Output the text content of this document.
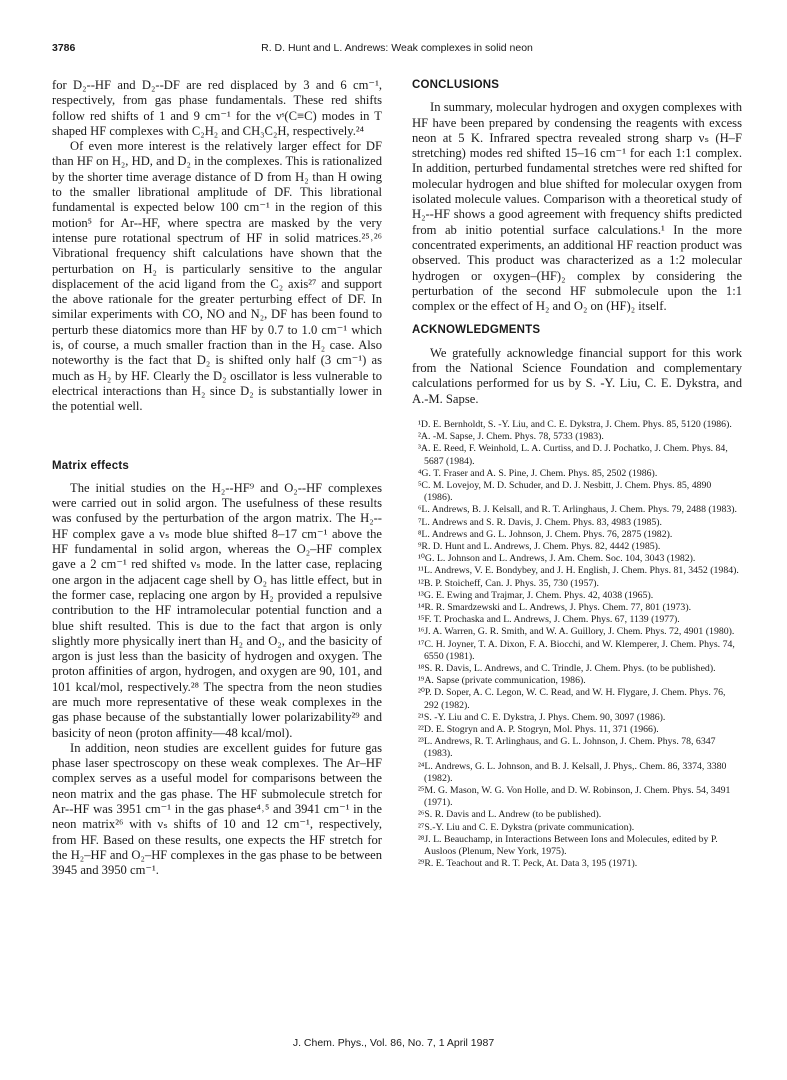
3786	R. D. Hunt and L. Andrews: Weak complexes in solid neon

for D₂--HF and D₂--DF are red displaced by 3 and 6 cm⁻¹, respectively, from gas phase fundamentals. These red shifts follow red shifts of 1 and 9 cm⁻¹ for the νˢ(C≡C) modes in T shaped HF complexes with C₂H₂ and CH₃C₂H, respectively.²⁴

Of even more interest is the relatively larger effect for DF than HF on H₂, HD, and D₂ in the complexes. This is rationalized by the shorter time average distance of D from H₂ than H owing to the smaller librational amplitude of DF. This librational fundamental is expected below 100 cm⁻¹ in the region of this motion⁵ for Ar--HF, where spectra are masked by the very intense pure rotational spectrum of HF in solid matrices.²⁵˒²⁶ Vibrational frequency shift calculations have shown that the perturbation on H₂ is particularly sensitive to the angular displacement of the acid ligand from the C₂ axis²⁷ and support the above rationale for the greater perturbing effect of DF. In similar experiments with CO, NO and N₂, DF has been found to perturb these diatomics more than HF by 0.7 to 1.0 cm⁻¹ which is, of course, a much smaller fraction than in the H₂ case. Also noteworthy is the fact that D₂ is shifted only half (3 cm⁻¹) as much as H₂ by HF. Clearly the D₂ oscillator is less vulnerable to electrical interactions than H₂ since D₂ is substantially lower in the potential well.

Matrix effects

The initial studies on the H₂--HF⁹ and O₂--HF complexes were carried out in solid argon. The usefulness of these results was confused by the perturbation of the argon matrix. The H₂--HF complex gave a νₛ mode blue shifted 8–17 cm⁻¹ above the HF fundamental in solid argon, whereas the O₂–HF complex gave a 2 cm⁻¹ red shifted νₛ mode. In the latter case, replacing one argon in the adjacent cage shell by O₂ has little effect, but in the former case, replacing one argon by H₂ provided a repulsive contribution to the HF intramolecular potential function and a blue shift resulted. This is due to the fact that argon is only slightly more physically inert than H₂ and O₂, and the basicity of argon is just less than the basicity of hydrogen and oxygen. The proton affinities of argon, hydrogen, and oxygen are 90, 101, and 101 kcal/mol, respectively.²⁸ The spectra from the neon studies are much more representative of these weak complexes in the gas phase because of the substantially lower polarizability²⁹ and basicity of neon (proton affinity—48 kcal/mol).

In addition, neon studies are excellent guides for future gas phase laser spectroscopy on these weak complexes. The Ar–HF complex serves as a useful model for comparisons between the neon matrix and the gas phase. The HF submolecule stretch for Ar--HF was 3951 cm⁻¹ in the gas phase⁴˒⁵ and 3941 cm⁻¹ in the neon matrix²⁶ with νₛ shifts of 10 and 12 cm⁻¹, respectively, from HF. Based on these results, one expects the HF stretch for the H₂–HF and O₂–HF complexes in the gas phase to be between 3945 and 3950 cm⁻¹.

CONCLUSIONS

In summary, molecular hydrogen and oxygen complexes with HF have been prepared by condensing the reagents with excess neon at 5 K. Infrared spectra revealed strong sharp νₛ (H–F stretching) modes red shifted 15–16 cm⁻¹ for each 1:1 complex. In addition, perturbed fundamental stretches were red shifted for molecular hydrogen and blue shifted for molecular oxygen from isolated molecule values. Comparison with a theoretical study of H₂--HF shows a good agreement with frequency shifts predicted from ab initio potential surface calculations.¹ In the more concentrated experiments, an additional HF reaction product was observed. This product was characterized as a 1:2 molecular hydrogen or oxygen–(HF)₂ complex by considering the perturbation of the second HF submolecule upon the 1:1 complex or the effect of H₂ and O₂ on (HF)₂ itself.

ACKNOWLEDGMENTS

We gratefully acknowledge financial support for this work from the National Science Foundation and complementary calculations performed for us by S. -Y. Liu, C. E. Dykstra, and A.-M. Sapse.

¹D. E. Bernholdt, S. -Y. Liu, and C. E. Dykstra, J. Chem. Phys. 85, 5120 (1986).

²A. -M. Sapse, J. Chem. Phys. 78, 5733 (1983).

³A. E. Reed, F. Weinhold, L. A. Curtiss, and D. J. Pochatko, J. Chem. Phys. 84, 5687 (1984).

⁴G. T. Fraser and A. S. Pine, J. Chem. Phys. 85, 2502 (1986).

⁵C. M. Lovejoy, M. D. Schuder, and D. J. Nesbitt, J. Chem. Phys. 85, 4890 (1986).

⁶L. Andrews, B. J. Kelsall, and R. T. Arlinghaus, J. Chem. Phys. 79, 2488 (1983).

⁷L. Andrews and S. R. Davis, J. Chem. Phys. 83, 4983 (1985).

⁸L. Andrews and G. L. Johnson, J. Chem. Phys. 76, 2875 (1982).

⁹R. D. Hunt and L. Andrews, J. Chem. Phys. 82, 4442 (1985).

¹⁰G. L. Johnson and L. Andrews, J. Am. Chem. Soc. 104, 3043 (1982).

¹¹L. Andrews, V. E. Bondybey, and J. H. English, J. Chem. Phys. 81, 3452 (1984).

¹²B. P. Stoicheff, Can. J. Phys. 35, 730 (1957).

¹³G. E. Ewing and Trajmar, J. Chem. Phys. 42, 4038 (1965).

¹⁴R. R. Smardzewski and L. Andrews, J. Phys. Chem. 77, 801 (1973).

¹⁵F. T. Prochaska and L. Andrews, J. Chem. Phys. 67, 1139 (1977).

¹⁶J. A. Warren, G. R. Smith, and W. A. Guillory, J. Chem. Phys. 72, 4901 (1980).

¹⁷C. H. Joyner, T. A. Dixon, F. A. Biocchi, and W. Klemperer, J. Chem. Phys. 74, 6550 (1981).

¹⁸S. R. Davis, L. Andrews, and C. Trindle, J. Chem. Phys. (to be published).

¹⁹A. Sapse (private communication, 1986).

²⁰P. D. Soper, A. C. Legon, W. C. Read, and W. H. Flygare, J. Chem. Phys. 76, 292 (1982).

²¹S. -Y. Liu and C. E. Dykstra, J. Phys. Chem. 90, 3097 (1986).

²²D. E. Stogryn and A. P. Stogryn, Mol. Phys. 11, 371 (1966).

²³L. Andrews, R. T. Arlinghaus, and G. L. Johnson, J. Chem. Phys. 78, 6347 (1983).

²⁴L. Andrews, G. L. Johnson, and B. J. Kelsall, J. Phys,. Chem. 86, 3374, 3380 (1982).

²⁵M. G. Mason, W. G. Von Holle, and D. W. Robinson, J. Chem. Phys. 54, 3491 (1971).

²⁶S. R. Davis and L. Andrew (to be published).

²⁷S.-Y. Liu and C. E. Dykstra (private communication).

²⁸J. L. Beauchamp, in Interactions Between Ions and Molecules, edited by P. Ausloos (Plenum, New York, 1975).

²⁹R. E. Teachout and R. T. Peck, At. Data 3, 195 (1971).

J. Chem. Phys., Vol. 86, No. 7, 1 April 1987
